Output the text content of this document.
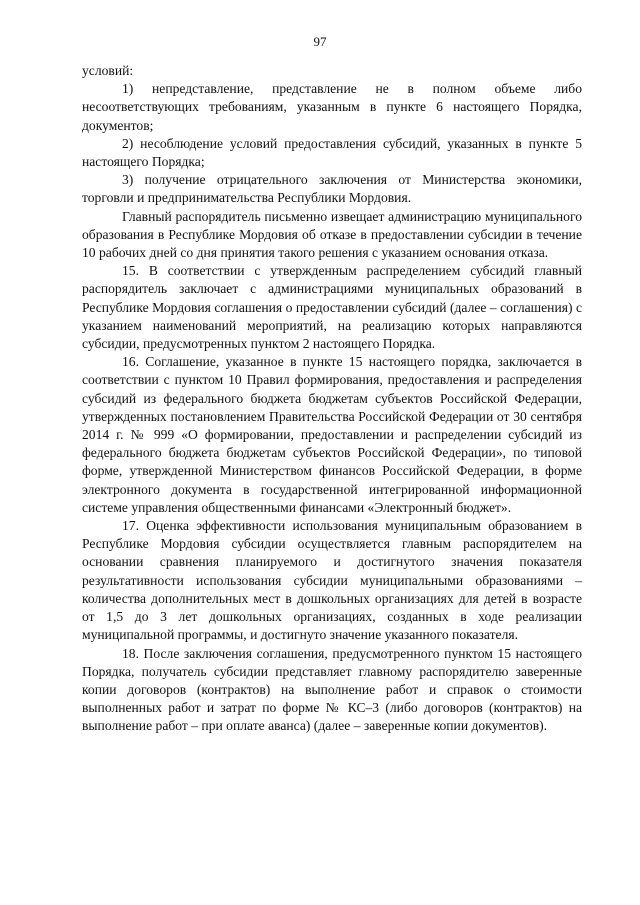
97

условий:

1) непредставление, представление не в полном объеме либо несоответствующих требованиям, указанным в пункте 6 настоящего Порядка, документов;

2) несоблюдение условий предоставления субсидий, указанных в пункте 5 настоящего Порядка;

3) получение отрицательного заключения от Министерства экономики, торговли и предпринимательства Республики Мордовия.

Главный распорядитель письменно извещает администрацию муниципального образования в Республике Мордовия об отказе в предоставлении субсидии в течение 10 рабочих дней со дня принятия такого решения с указанием основания отказа.

15. В соответствии с утвержденным распределением субсидий главный распорядитель заключает с администрациями муниципальных образований в Республике Мордовия соглашения о предоставлении субсидий (далее – соглашения) с указанием наименований мероприятий, на реализацию которых направляются субсидии, предусмотренных пунктом 2 настоящего Порядка.

16. Соглашение, указанное в пункте 15 настоящего порядка, заключается в соответствии с пунктом 10 Правил формирования, предоставления и распределения субсидий из федерального бюджета бюджетам субъектов Российской Федерации, утвержденных постановлением Правительства Российской Федерации от 30 сентября 2014 г. № 999 «О формировании, предоставлении и распределении субсидий из федерального бюджета бюджетам субъектов Российской Федерации», по типовой форме, утвержденной Министерством финансов Российской Федерации, в форме электронного документа в государственной интегрированной информационной системе управления общественными финансами «Электронный бюджет».

17. Оценка эффективности использования муниципальным образованием в Республике Мордовия субсидии осуществляется главным распорядителем на основании сравнения планируемого и достигнутого значения показателя результативности использования субсидии муниципальными образованиями – количества дополнительных мест в дошкольных организациях для детей в возрасте от 1,5 до 3 лет дошкольных организациях, созданных в ходе реализации муниципальной программы, и достигнуто значение указанного показателя.

18. После заключения соглашения, предусмотренного пунктом 15 настоящего Порядка, получатель субсидии представляет главному распорядителю заверенные копии договоров (контрактов) на выполнение работ и справок о стоимости выполненных работ и затрат по форме № КС–3 (либо договоров (контрактов) на выполнение работ – при оплате аванса) (далее – заверенные копии документов).
